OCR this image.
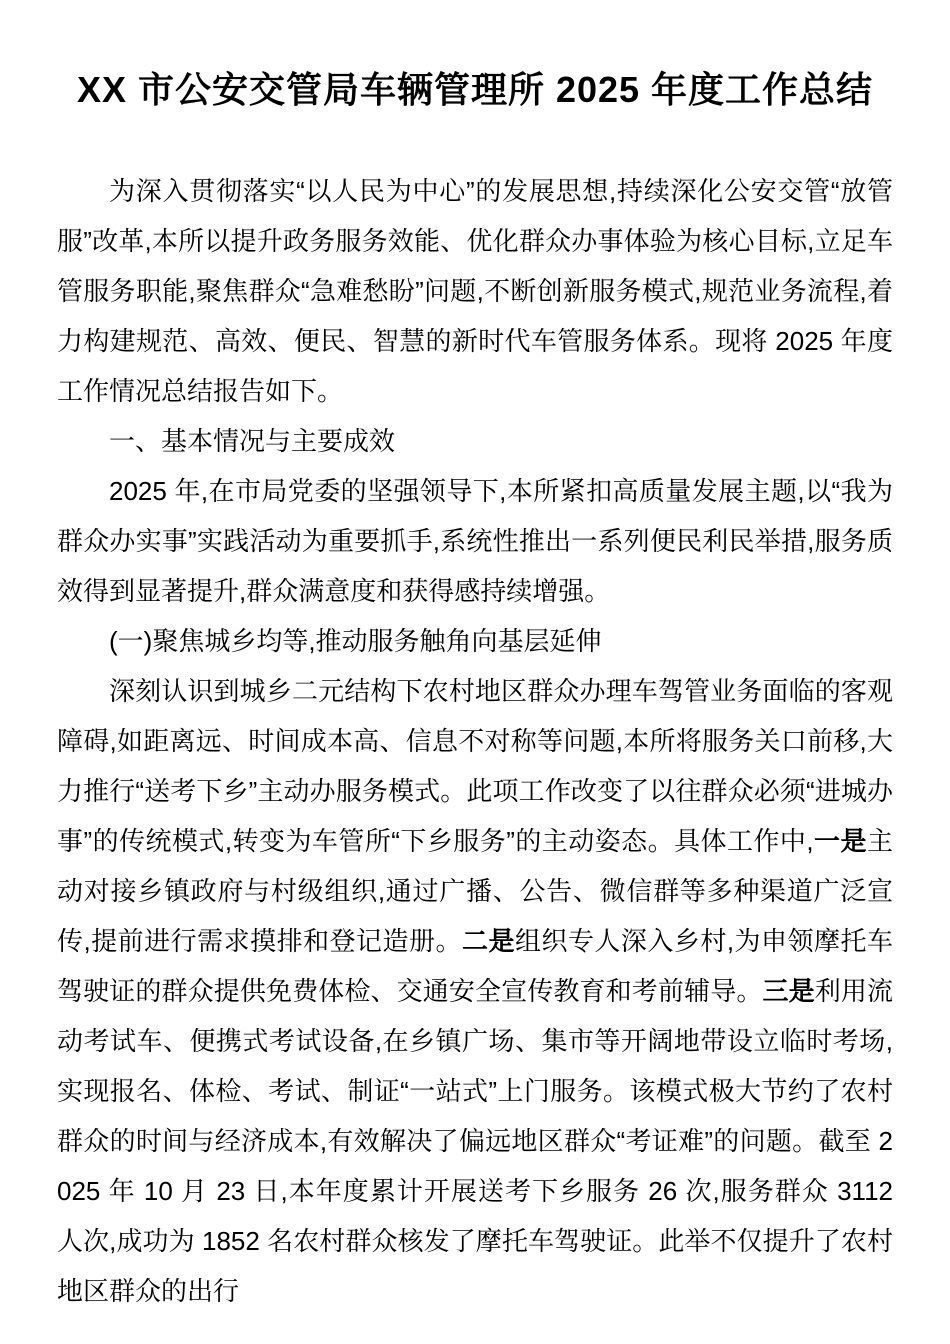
XX 市公安交管局车辆管理所 2025 年度工作总结

为深入贯彻落实“以人民为中心”的发展思想,持续深化公安交管“放管服”改革,本所以提升政务服务效能、优化群众办事体验为核心目标,立足车管服务职能,聚焦群众“急难愁盼”问题,不断创新服务模式,规范业务流程,着力构建规范、高效、便民、智慧的新时代车管服务体系。现将 2025 年度工作情况总结报告如下。

一、基本情况与主要成效

2025 年,在市局党委的坚强领导下,本所紧扣高质量发展主题,以“我为群众办实事”实践活动为重要抓手,系统性推出一系列便民利民举措,服务质效得到显著提升,群众满意度和获得感持续增强。

(一)聚焦城乡均等,推动服务触角向基层延伸

深刻认识到城乡二元结构下农村地区群众办理车驾管业务面临的客观障碍,如距离远、时间成本高、信息不对称等问题,本所将服务关口前移,大力推行“送考下乡”主动办服务模式。此项工作改变了以往群众必须“进城办事”的传统模式,转变为车管所“下乡服务”的主动姿态。具体工作中,一是主动对接乡镇政府与村级组织,通过广播、公告、微信群等多种渠道广泛宣传,提前进行需求摸排和登记造册。二是组织专人深入乡村,为申领摩托车驾驶证的群众提供免费体检、交通安全宣传教育和考前辅导。三是利用流动考试车、便携式考试设备,在乡镇广场、集市等开阔地带设立临时考场,实现报名、体检、考试、制证“一站式”上门服务。该模式极大节约了农村群众的时间与经济成本,有效解决了偏远地区群众“考证难”的问题。截至 2025 年 10 月 23 日,本年度累计开展送考下乡服务 26 次,服务群众 3112 人次,成功为 1852 名农村群众核发了摩托车驾驶证。此举不仅提升了农村地区群众的出行
